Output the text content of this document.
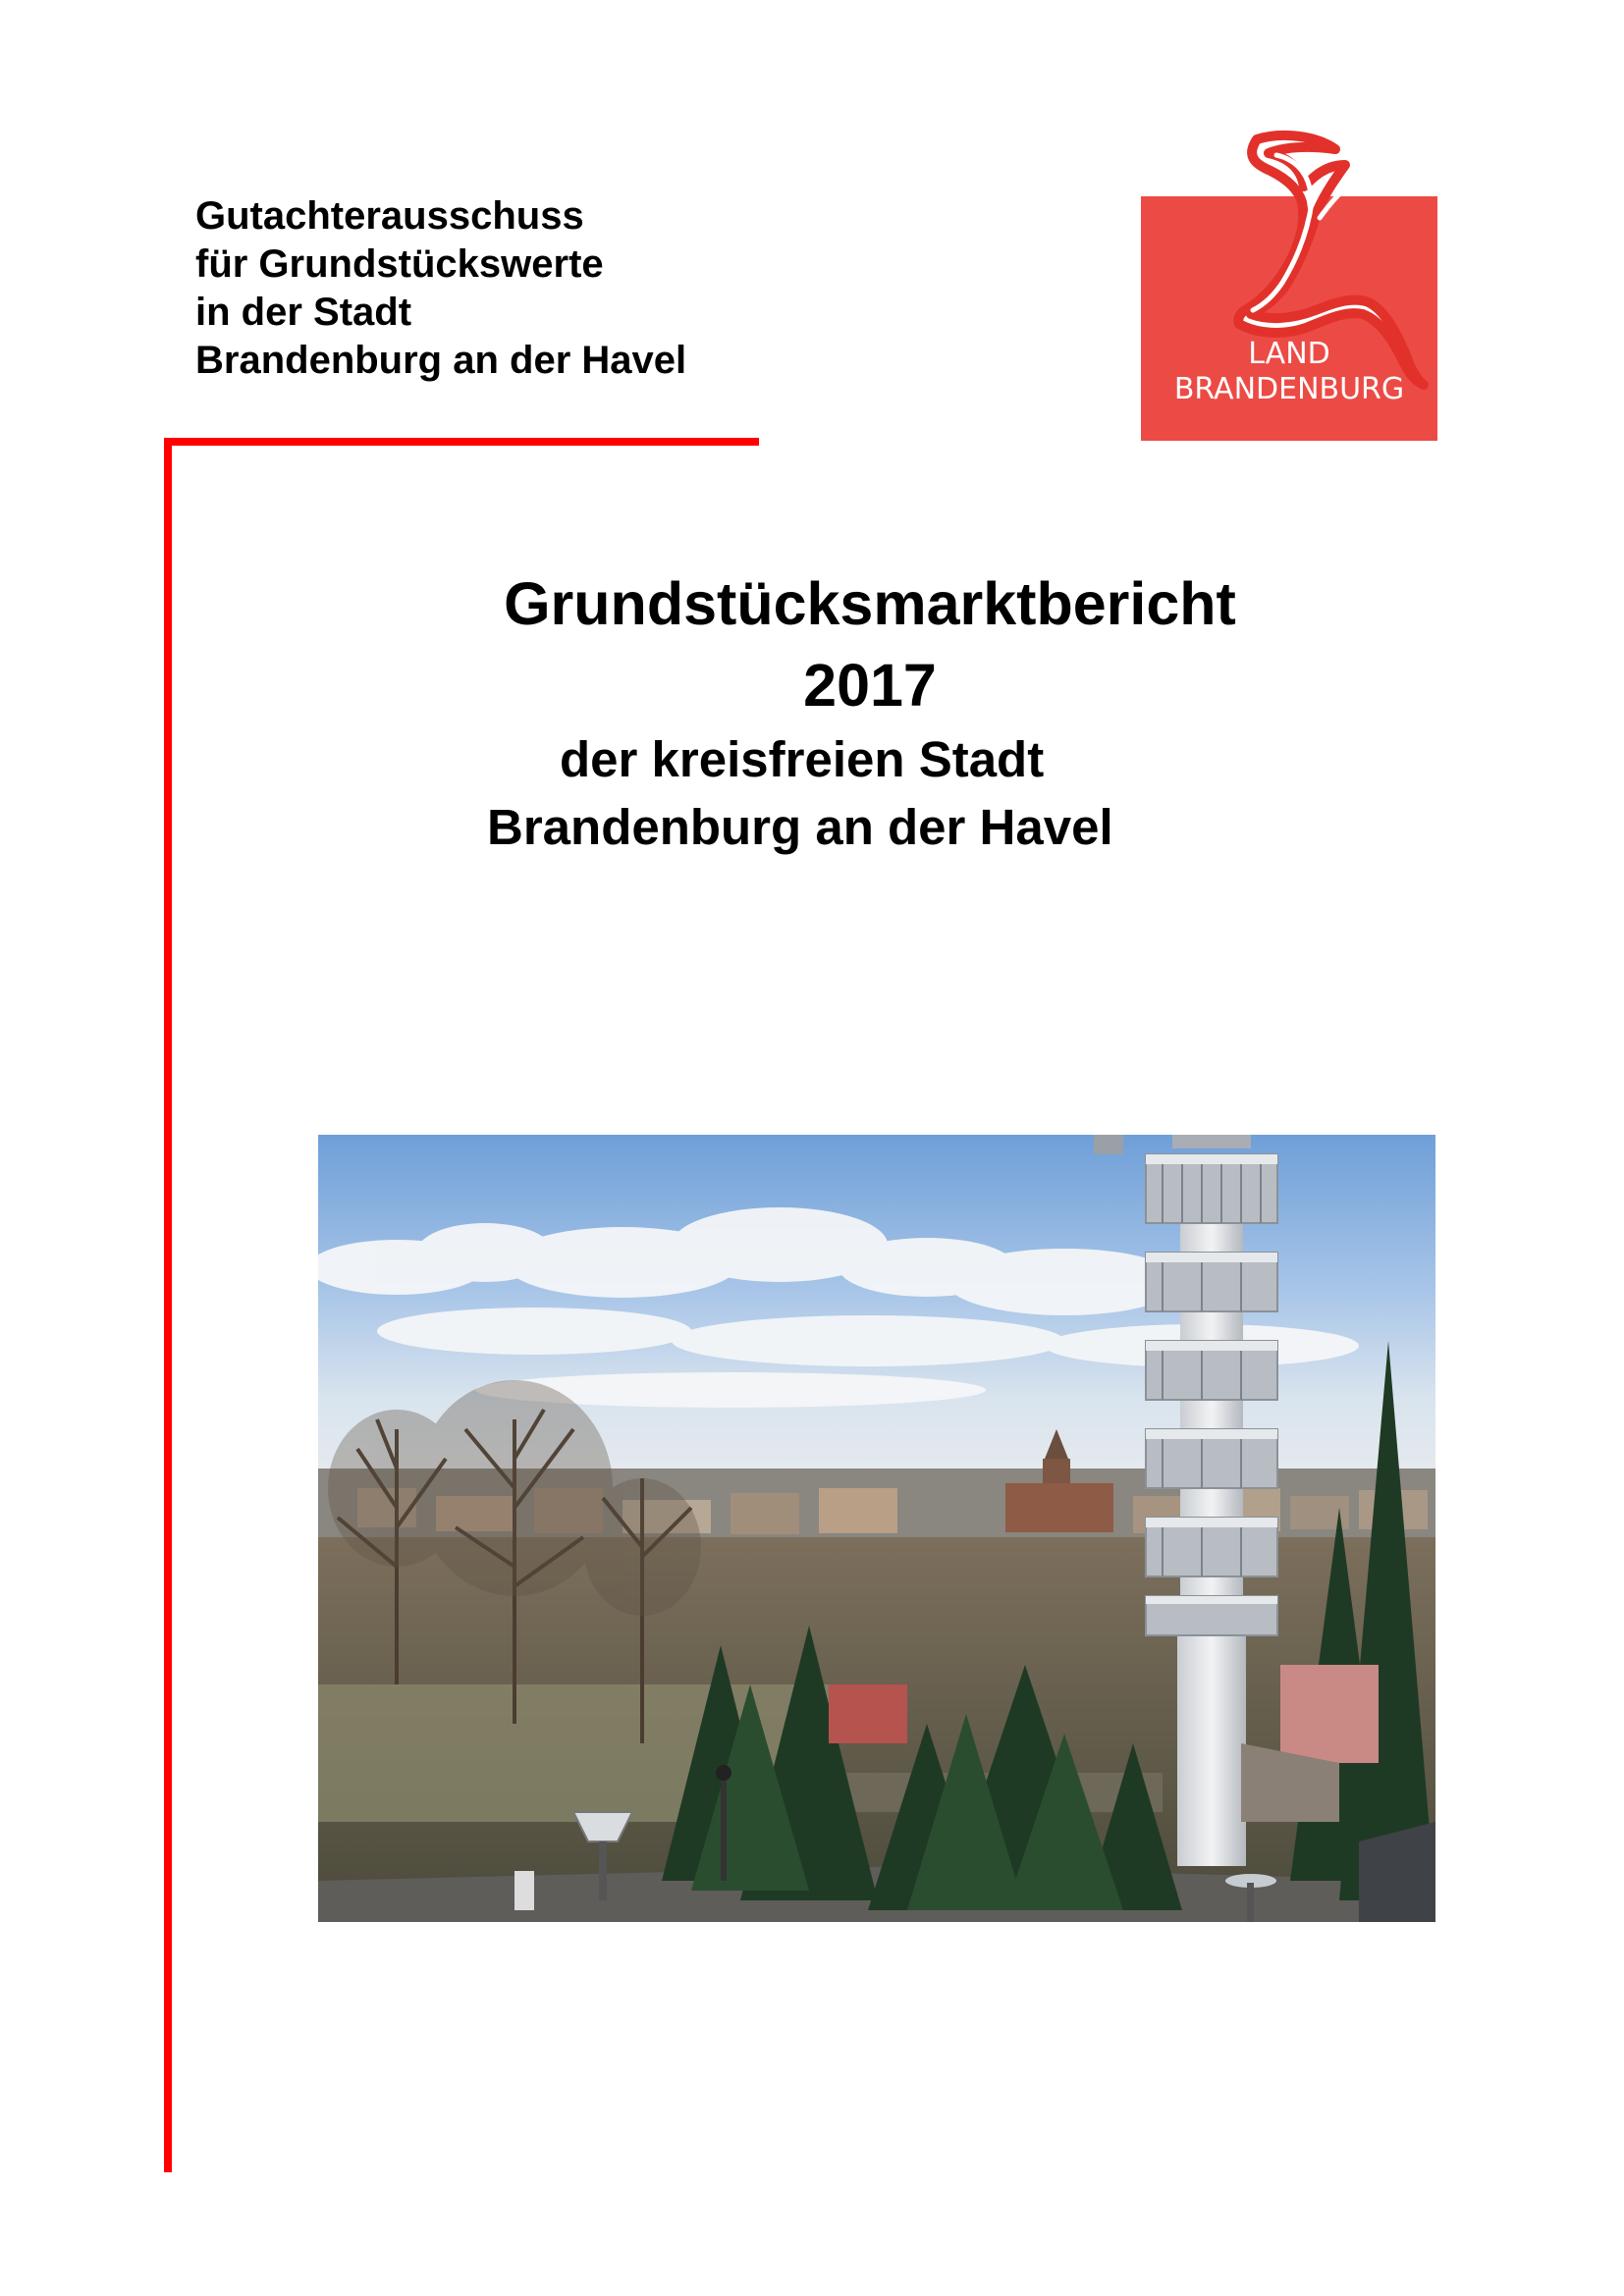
Gutachterausschuss
für Grundstückswerte
in der Stadt
Brandenburg an der Havel	LAND
BRANDENBURG
Grundstücksmarktbericht
2017
der kreisfreien Stadt
Brandenburg an der Havel
